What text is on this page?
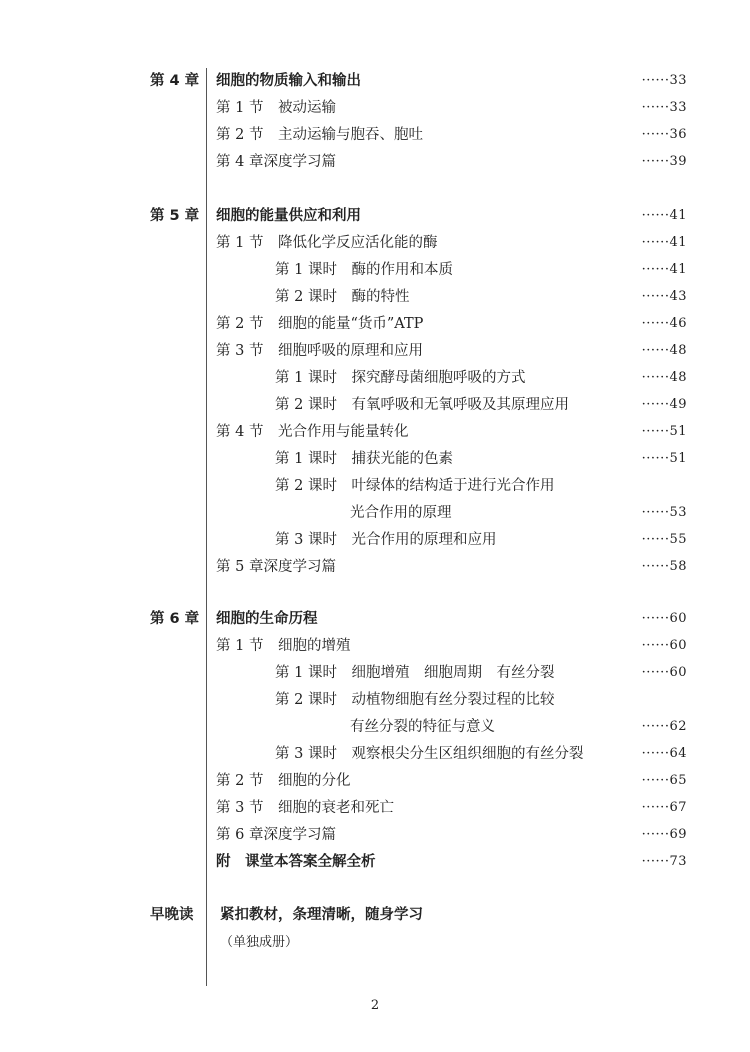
第 4 章 细胞的物质输入和输出	······33
第 1 节　被动运输	······33
第 2 节　主动运输与胞吞、胞吐	······36
第 4 章深度学习篇	······39
第 5 章 细胞的能量供应和利用	······41
第 1 节　降低化学反应活化能的酶	······41
第 1 课时　酶的作用和本质	······41
第 2 课时　酶的特性	······43
第 2 节　细胞的能量“货币”ATP	······46
第 3 节　细胞呼吸的原理和应用	······48
第 1 课时　探究酵母菌细胞呼吸的方式	······48
第 2 课时　有氧呼吸和无氧呼吸及其原理应用	······49
第 4 节　光合作用与能量转化	······51
第 1 课时　捕获光能的色素	······51
第 2 课时　叶绿体的结构适于进行光合作用
光合作用的原理	······53
第 3 课时　光合作用的原理和应用	······55
第 5 章深度学习篇	······58
第 6 章 细胞的生命历程	······60
第 1 节　细胞的增殖	······60
第 1 课时　细胞增殖　细胞周期　有丝分裂	······60
第 2 课时　动植物细胞有丝分裂过程的比较
有丝分裂的特征与意义	······62
第 3 课时　观察根尖分生区组织细胞的有丝分裂	······64
第 2 节　细胞的分化	······65
第 3 节　细胞的衰老和死亡	······67
第 6 章深度学习篇	······69
附　课堂本答案全解全析	······73
早晚读 紧扣教材，条理清晰，随身学习
（单独成册）
2
